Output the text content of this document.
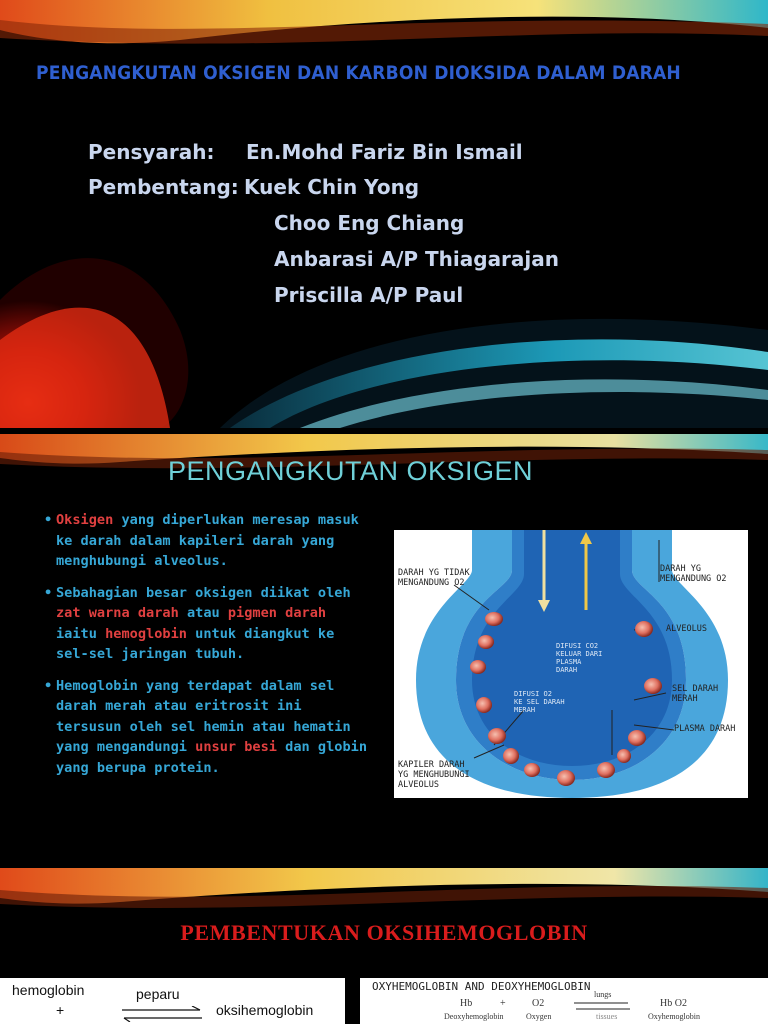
PENGANGKUTAN OKSIGEN DAN KARBON DIOKSIDA DALAM DARAH
Pensyarah: En.Mohd Fariz Bin Ismail
Pembentang: Kuek Chin Yong
Choo Eng Chiang
Anbarasi A/P Thiagarajan
Priscilla A/P Paul
PENGANGKUTAN OKSIGEN
• Oksigen yang diperlukan meresap masuk ke darah dalam kapileri darah yang menghubungi alveolus.
• Sebahagian besar oksigen diikat oleh zat warna darah atau pigmen darah iaitu hemoglobin untuk diangkut ke sel-sel jaringan tubuh.
• Hemoglobin yang terdapat dalam sel darah merah atau eritrosit ini tersusun oleh sel hemin atau hematin yang mengandungi unsur besi dan globin yang berupa protein.
DARAH YG TIDAK
MENGANDUNG O2
DARAH YG
MENGANDUNG O2
ALVEOLUS
SEL DARAH
MERAH
PLASMA DARAH
KAPILER DARAH
YG MENGHUBUNGI
ALVEOLUS
DIFUSI CO2
KELUAR DARI
PLASMA
DARAH
DIFUSI O2
KE SEL DARAH
MERAH
PEMBENTUKAN OKSIHEMOGLOBIN
hemoglobin
+
peparu
oksihemoglobin
OXYHEMOGLOBIN AND DEOXYHEMOGLOBIN
Hb	+	O2
lungs
tissues
Hb O2
Deoxyhemoglobin	Oxygen	Oxyhemoglobin
